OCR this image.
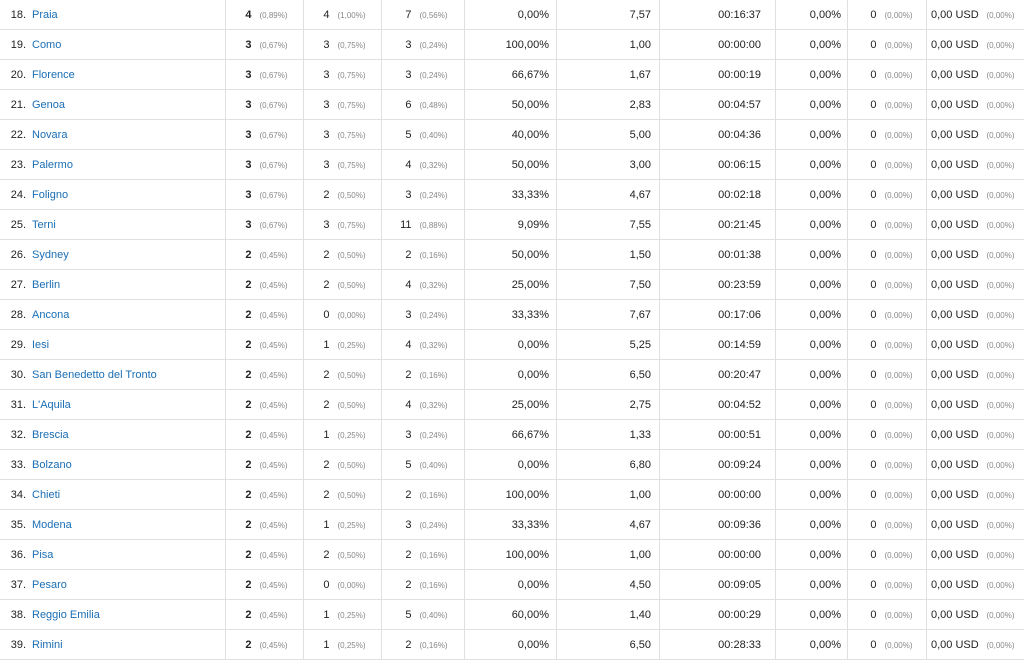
18.	Praia	4	(0,89%)	4	(1,00%)	7	(0,56%)	0,00%	7,57	00:16:37	0,00%	0	(0,00%)	0,00 USD	(0,00%)
19.	Como	3	(0,67%)	3	(0,75%)	3	(0,24%)	100,00%	1,00	00:00:00	0,00%	0	(0,00%)	0,00 USD	(0,00%)
20.	Florence	3	(0,67%)	3	(0,75%)	3	(0,24%)	66,67%	1,67	00:00:19	0,00%	0	(0,00%)	0,00 USD	(0,00%)
21.	Genoa	3	(0,67%)	3	(0,75%)	6	(0,48%)	50,00%	2,83	00:04:57	0,00%	0	(0,00%)	0,00 USD	(0,00%)
22.	Novara	3	(0,67%)	3	(0,75%)	5	(0,40%)	40,00%	5,00	00:04:36	0,00%	0	(0,00%)	0,00 USD	(0,00%)
23.	Palermo	3	(0,67%)	3	(0,75%)	4	(0,32%)	50,00%	3,00	00:06:15	0,00%	0	(0,00%)	0,00 USD	(0,00%)
24.	Foligno	3	(0,67%)	2	(0,50%)	3	(0,24%)	33,33%	4,67	00:02:18	0,00%	0	(0,00%)	0,00 USD	(0,00%)
25.	Terni	3	(0,67%)	3	(0,75%)	11	(0,88%)	9,09%	7,55	00:21:45	0,00%	0	(0,00%)	0,00 USD	(0,00%)
26.	Sydney	2	(0,45%)	2	(0,50%)	2	(0,16%)	50,00%	1,50	00:01:38	0,00%	0	(0,00%)	0,00 USD	(0,00%)
27.	Berlin	2	(0,45%)	2	(0,50%)	4	(0,32%)	25,00%	7,50	00:23:59	0,00%	0	(0,00%)	0,00 USD	(0,00%)
28.	Ancona	2	(0,45%)	0	(0,00%)	3	(0,24%)	33,33%	7,67	00:17:06	0,00%	0	(0,00%)	0,00 USD	(0,00%)
29.	Iesi	2	(0,45%)	1	(0,25%)	4	(0,32%)	0,00%	5,25	00:14:59	0,00%	0	(0,00%)	0,00 USD	(0,00%)
30.	San Benedetto del Tronto	2	(0,45%)	2	(0,50%)	2	(0,16%)	0,00%	6,50	00:20:47	0,00%	0	(0,00%)	0,00 USD	(0,00%)
31.	L'Aquila	2	(0,45%)	2	(0,50%)	4	(0,32%)	25,00%	2,75	00:04:52	0,00%	0	(0,00%)	0,00 USD	(0,00%)
32.	Brescia	2	(0,45%)	1	(0,25%)	3	(0,24%)	66,67%	1,33	00:00:51	0,00%	0	(0,00%)	0,00 USD	(0,00%)
33.	Bolzano	2	(0,45%)	2	(0,50%)	5	(0,40%)	0,00%	6,80	00:09:24	0,00%	0	(0,00%)	0,00 USD	(0,00%)
34.	Chieti	2	(0,45%)	2	(0,50%)	2	(0,16%)	100,00%	1,00	00:00:00	0,00%	0	(0,00%)	0,00 USD	(0,00%)
35.	Modena	2	(0,45%)	1	(0,25%)	3	(0,24%)	33,33%	4,67	00:09:36	0,00%	0	(0,00%)	0,00 USD	(0,00%)
36.	Pisa	2	(0,45%)	2	(0,50%)	2	(0,16%)	100,00%	1,00	00:00:00	0,00%	0	(0,00%)	0,00 USD	(0,00%)
37.	Pesaro	2	(0,45%)	0	(0,00%)	2	(0,16%)	0,00%	4,50	00:09:05	0,00%	0	(0,00%)	0,00 USD	(0,00%)
38.	Reggio Emilia	2	(0,45%)	1	(0,25%)	5	(0,40%)	60,00%	1,40	00:00:29	0,00%	0	(0,00%)	0,00 USD	(0,00%)
39.	Rimini	2	(0,45%)	1	(0,25%)	2	(0,16%)	0,00%	6,50	00:28:33	0,00%	0	(0,00%)	0,00 USD	(0,00%)
